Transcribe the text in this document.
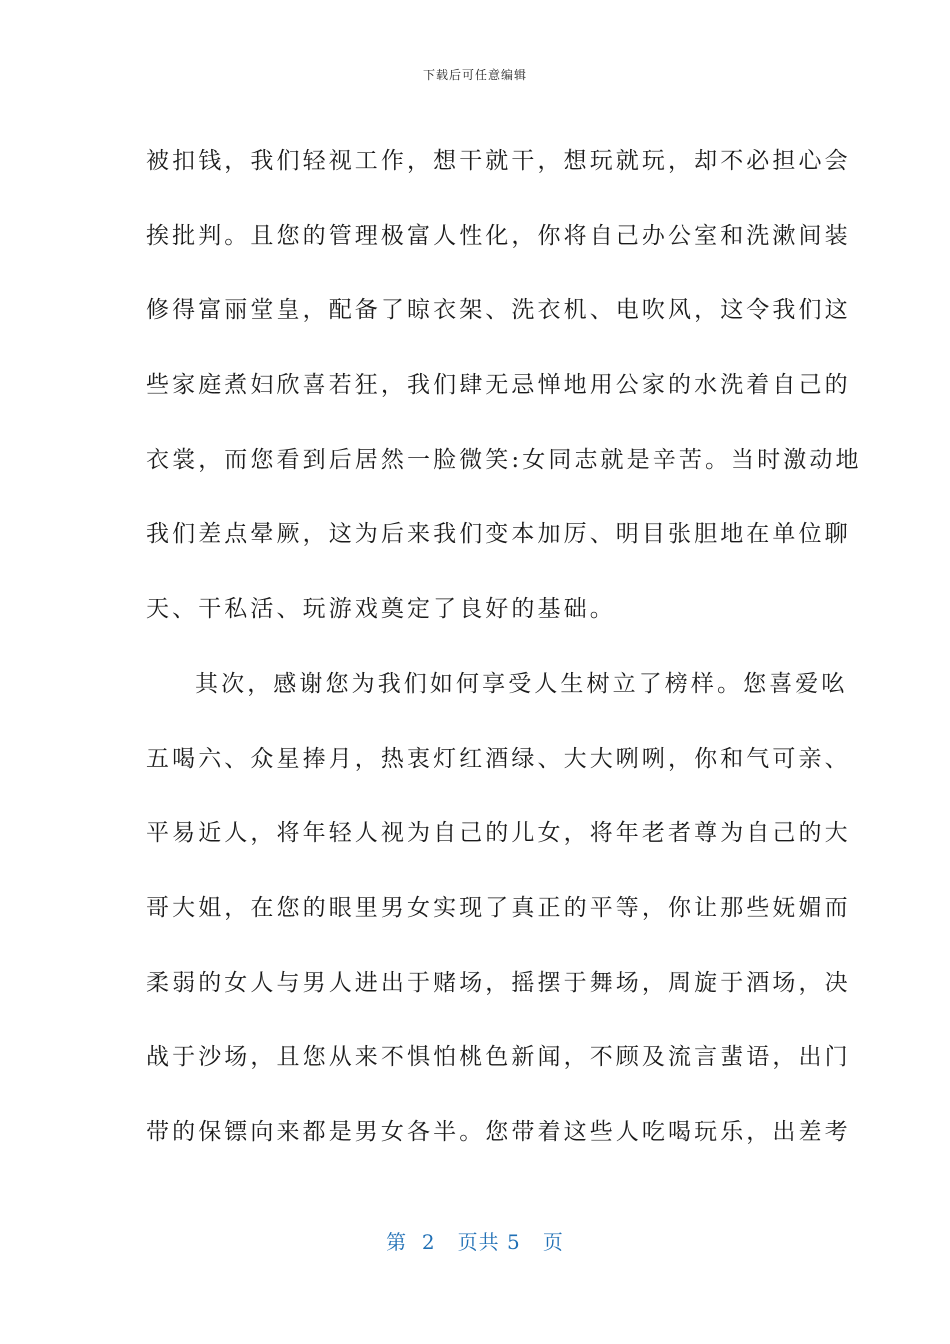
下载后可任意编辑
被扣钱，我们轻视工作，想干就干，想玩就玩，却不必担心会
挨批判。且您的管理极富人性化，你将自己办公室和洗漱间装
修得富丽堂皇，配备了晾衣架、洗衣机、电吹风，这令我们这
些家庭煮妇欣喜若狂，我们肆无忌惮地用公家的水洗着自己的
衣裳，而您看到后居然一脸微笑:女同志就是辛苦。当时激动地
我们差点晕厥，这为后来我们变本加厉、明目张胆地在单位聊
天、干私活、玩游戏奠定了良好的基础。
其次，感谢您为我们如何享受人生树立了榜样。您喜爱吆
五喝六、众星捧月，热衷灯红酒绿、大大咧咧，你和气可亲、
平易近人，将年轻人视为自己的儿女，将年老者尊为自己的大
哥大姐，在您的眼里男女实现了真正的平等，你让那些妩媚而
柔弱的女人与男人进出于赌场，摇摆于舞场，周旋于酒场，决
战于沙场，且您从来不惧怕桃色新闻，不顾及流言蜚语，出门
带的保镖向来都是男女各半。您带着这些人吃喝玩乐，出差考
第  2   页共 5   页
